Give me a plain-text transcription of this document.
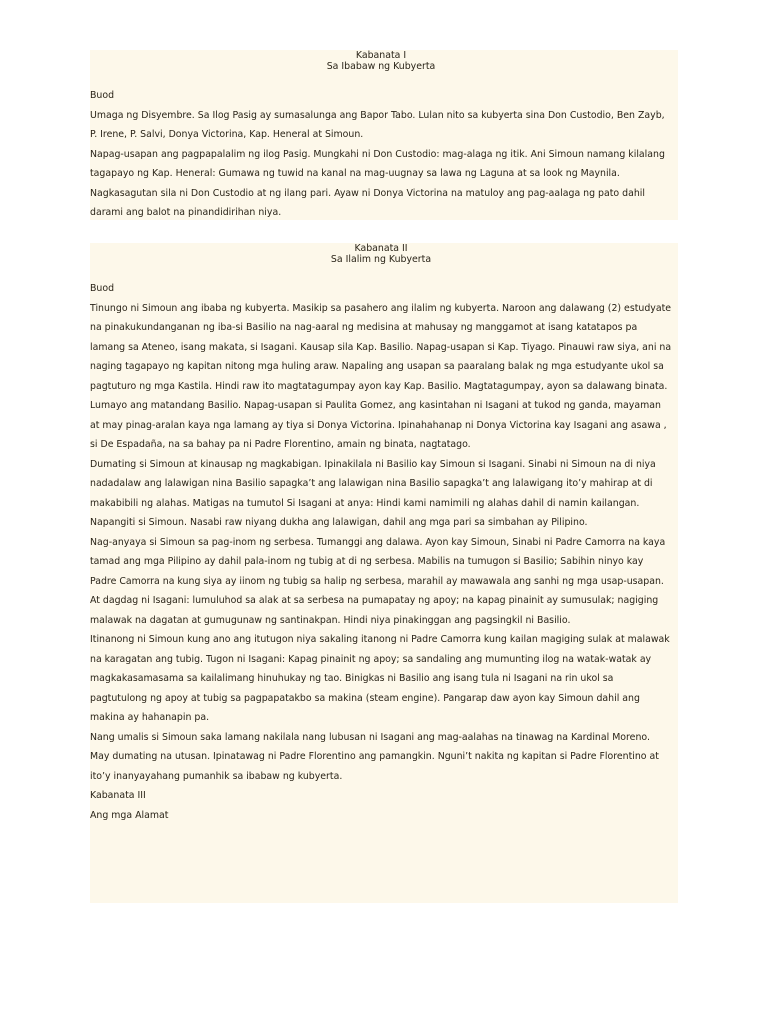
Kabanata I

Sa Ibabaw ng Kubyerta

Buod

Umaga ng Disyembre. Sa Ilog Pasig ay sumasalunga ang Bapor Tabo. Lulan nito sa kubyerta sina Don Custodio, Ben Zayb, P. Irene, P. Salvi, Donya Victorina, Kap. Heneral at Simoun.

Napag-usapan ang pagpapalalim ng ilog Pasig. Mungkahi ni Don Custodio: mag-alaga ng itik. Ani Simoun namang kilalang tagapayo ng Kap. Heneral: Gumawa ng tuwid na kanal na mag-uugnay sa lawa ng Laguna at sa look ng Maynila. Nagkasagutan sila ni Don Custodio at ng ilang pari. Ayaw ni Donya Victorina na matuloy ang pag-aalaga ng pato dahil darami ang balot na pinandidirihan niya.

Kabanata II

Sa Ilalim ng Kubyerta

Buod

Tinungo ni Simoun ang ibaba ng kubyerta. Masikip sa pasahero ang ilalim ng kubyerta. Naroon ang dalawang (2) estudyate na pinakukundanganan ng iba-si Basilio na nag-aaral ng medisina at mahusay ng manggamot at isang katatapos pa lamang sa Ateneo, isang makata, si Isagani. Kausap sila Kap. Basilio. Napag-usapan si Kap. Tiyago. Pinauwi raw siya, ani na naging tagapayo ng kapitan nitong mga huling araw. Napaling ang usapan sa paaralang balak ng mga estudyante ukol sa pagtuturo ng mga Kastila. Hindi raw ito magtatagumpay ayon kay Kap. Basilio. Magtatagumpay, ayon sa dalawang binata. Lumayo ang matandang Basilio. Napag-usapan si Paulita Gomez, ang kasintahan ni Isagani at tukod ng ganda, mayaman at may pinag-aralan kaya nga lamang ay tiya si Donya Victorina. Ipinahahanap ni Donya Victorina kay Isagani ang asawa , si De Espadaña, na sa bahay pa ni Padre Florentino, amain ng binata, nagtatago.

Dumating si Simoun at kinausap ng magkabigan. Ipinakilala ni Basilio kay Simoun si Isagani. Sinabi ni Simoun na di niya nadadalaw ang lalawigan nina Basilio sapagka’t ang lalawigan nina Basilio sapagka’t ang lalawigang ito’y mahirap at di makabibili ng alahas. Matigas na tumutol Si Isagani at anya: Hindi kami namimili ng alahas dahil di namin kailangan. Napangiti si Simoun. Nasabi raw niyang dukha ang lalawigan, dahil ang mga pari sa simbahan ay Pilipino.

Nag-anyaya si Simoun sa pag-inom ng serbesa. Tumanggi ang dalawa. Ayon kay Simoun, Sinabi ni Padre Camorra na kaya tamad ang mga Pilipino ay dahil pala-inom ng tubig at di ng serbesa. Mabilis na tumugon si Basilio; Sabihin ninyo kay Padre Camorra na kung siya ay iinom ng tubig sa halip ng serbesa, marahil ay mawawala ang sanhi ng mga usap-usapan. At dagdag ni Isagani: lumuluhod sa alak at sa serbesa na pumapatay ng apoy; na kapag pinainit ay sumusulak; nagiging malawak na dagatan at gumugunaw ng santinakpan. Hindi niya pinakinggan ang pagsingkil ni Basilio.

Itinanong ni Simoun kung ano ang itutugon niya sakaling itanong ni Padre Camorra kung kailan magiging sulak at malawak na karagatan ang tubig. Tugon ni Isagani: Kapag pinainit ng apoy; sa sandaling ang mumunting ilog na watak-watak ay magkakasamasama sa kailalimang hinuhukay ng tao. Binigkas ni Basilio ang isang tula ni Isagani na rin ukol sa pagtutulong ng apoy at tubig sa pagpapatakbo sa makina (steam engine). Pangarap daw ayon kay Simoun dahil ang makina ay hahanapin pa.

Nang umalis si Simoun saka lamang nakilala nang lubusan ni Isagani ang mag-aalahas na tinawag na Kardinal Moreno. May dumating na utusan. Ipinatawag ni Padre Florentino ang pamangkin. Nguni’t nakita ng kapitan si Padre Florentino at ito’y inanyayahang pumanhik sa ibabaw ng kubyerta.

Kabanata III

Ang mga Alamat
